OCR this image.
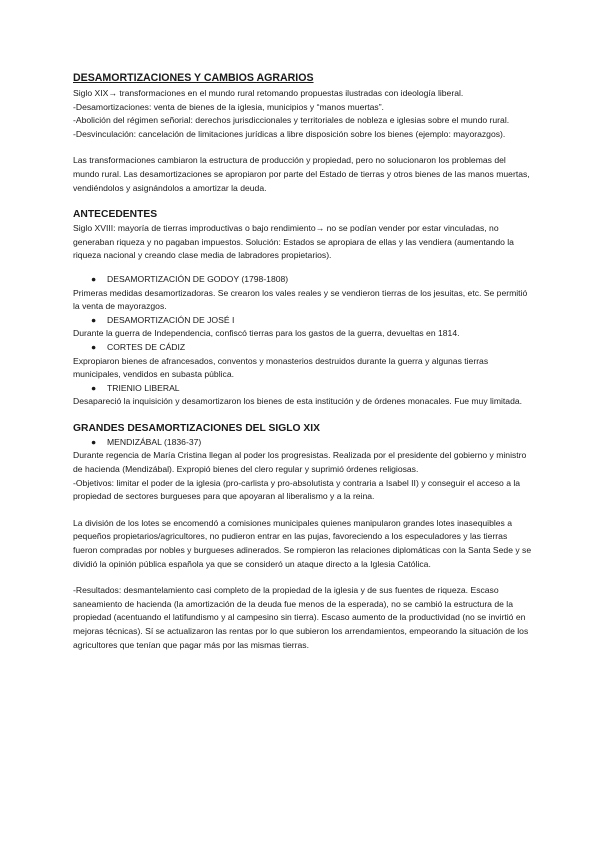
DESAMORTIZACIONES Y CAMBIOS AGRARIOS

Siglo XIX→ transformaciones en el mundo rural retomando propuestas ilustradas con ideología liberal.

-Desamortizaciones: venta de bienes de la iglesia, municipios y “manos muertas”.

-Abolición del régimen señorial: derechos jurisdiccionales y territoriales de nobleza e iglesias sobre el mundo rural.

-Desvinculación: cancelación de limitaciones jurídicas a libre disposición sobre los bienes (ejemplo: mayorazgos).

Las transformaciones cambiaron la estructura de producción y propiedad, pero no solucionaron los problemas del mundo rural. Las desamortizaciones se apropiaron por parte del Estado de tierras y otros bienes de las manos muertas, vendiéndolos y asignándolos a amortizar la deuda.

ANTECEDENTES

Siglo XVIII: mayoría de tierras improductivas o bajo rendimiento→ no se podían vender por estar vinculadas, no generaban riqueza y no pagaban impuestos. Solución: Estados se apropiara de ellas y las vendiera (aumentando la riqueza nacional y creando clase media de labradores propietarios).

●	DESAMORTIZACIÓN DE GODOY (1798-1808)

Primeras medidas desamortizadoras. Se crearon los vales reales y se vendieron tierras de los jesuitas, etc. Se permitió la venta de mayorazgos.

●	DESAMORTIZACIÓN DE JOSÉ I

Durante la guerra de Independencia, confiscó tierras para los gastos de la guerra, devueltas en 1814.

●	CORTES DE CÁDIZ

Expropiaron bienes de afrancesados, conventos y monasterios destruidos durante la guerra y algunas tierras municipales, vendidos en subasta pública.

●	TRIENIO LIBERAL

Desapareció la inquisición y desamortizaron los bienes de esta institución y de órdenes monacales. Fue muy limitada.

GRANDES DESAMORTIZACIONES DEL SIGLO XIX

●	MENDIZÁBAL (1836-37)

Durante regencia de María Cristina llegan al poder los progresistas. Realizada por el presidente del gobierno y ministro de hacienda (Mendizábal). Expropió bienes del clero regular y suprimió órdenes religiosas.

-Objetivos: limitar el poder de la iglesia (pro-carlista y pro-absolutista y contraria a Isabel II) y conseguir el acceso a la propiedad de sectores burgueses para que apoyaran al liberalismo y a la reina.

La división de los lotes se encomendó a comisiones municipales quienes manipularon grandes lotes inasequibles a pequeños propietarios/agricultores, no pudieron entrar en las pujas, favoreciendo a los especuladores y las tierras fueron compradas por nobles y burgueses adinerados. Se rompieron las relaciones diplomáticas con la Santa Sede y se dividió la opinión pública española ya que se consideró un ataque directo a la Iglesia Católica.

-Resultados: desmantelamiento casi completo de la propiedad de la iglesia y de sus fuentes de riqueza. Escaso saneamiento de hacienda (la amortización de la deuda fue menos de la esperada), no se cambió la estructura de la propiedad (acentuando el latifundismo y al campesino sin tierra). Escaso aumento de la productividad (no se invirtió en mejoras técnicas). Sí se actualizaron las rentas por lo que subieron los arrendamientos, empeorando la situación de los agricultores que tenían que pagar más por las mismas tierras.
